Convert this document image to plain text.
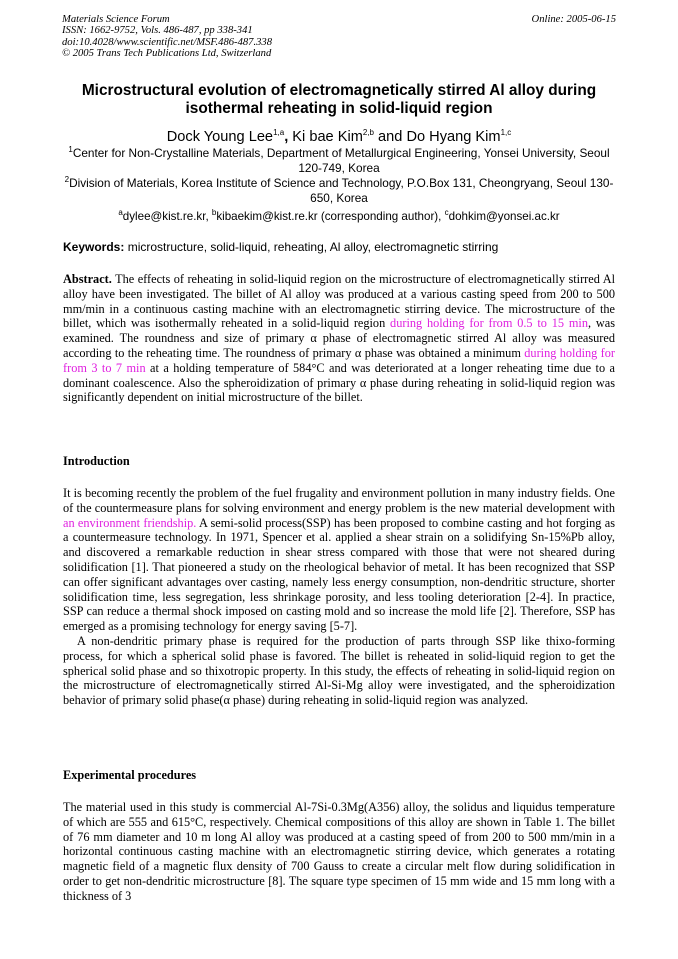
Materials Science Forum
ISSN: 1662-9752, Vols. 486-487, pp 338-341
doi:10.4028/www.scientific.net/MSF.486-487.338
© 2005 Trans Tech Publications Ltd, Switzerland
Online: 2005-06-15
Microstructural evolution of electromagnetically stirred Al alloy during isothermal reheating in solid-liquid region
Dock Young Lee$^{1,a}$, Ki bae Kim$^{2,b}$ and Do Hyang Kim$^{1,c}$
$^1$Center for Non-Crystalline Materials, Department of Metallurgical Engineering, Yonsei University, Seoul 120-749, Korea
$^2$Division of Materials, Korea Institute of Science and Technology, P.O.Box 131, Cheongryang, Seoul 130-650, Korea
$^a$dylee@kist.re.kr, $^b$kibaekim@kist.re.kr (corresponding author), $^c$dohkim@yonsei.ac.kr
Keywords: microstructure, solid-liquid, reheating, Al alloy, electromagnetic stirring

Abstract. The effects of reheating in solid-liquid region on the microstructure of electromagnetically stirred Al alloy have been investigated. The billet of Al alloy was produced at a various casting speed from 200 to 500 mm/min in a continuous casting machine with an electromagnetic stirring device. The microstructure of the billet, which was isothermally reheated in a solid-liquid region during holding for from 0.5 to 15 min, was examined. The roundness and size of primary α phase of electromagnetic stirred Al alloy was measured according to the reheating time. The roundness of primary α phase was obtained a minimum during holding for from 3 to 7 min at a holding temperature of 584°C and was deteriorated at a longer reheating time due to a dominant coalescence. Also the spheroidization of primary α phase during reheating in solid-liquid region was significantly dependent on initial microstructure of the billet.

Introduction

It is becoming recently the problem of the fuel frugality and environment pollution in many industry fields. One of the countermeasure plans for solving environment and energy problem is the new material development with an environment friendship. A semi-solid process(SSP) has been proposed to combine casting and hot forging as a countermeasure technology. In 1971, Spencer et al. applied a shear strain on a solidifying Sn-15%Pb alloy, and discovered a remarkable reduction in shear stress compared with those that were not sheared during solidification [1]. That pioneered a study on the rheological behavior of metal. It has been recognized that SSP can offer significant advantages over casting, namely less energy consumption, non-dendritic structure, shorter solidification time, less segregation, less shrinkage porosity, and less tooling deterioration [2-4]. In practice, SSP can reduce a thermal shock imposed on casting mold and so increase the mold life [2]. Therefore, SSP has emerged as a promising technology for energy saving [5-7].

A non-dendritic primary phase is required for the production of parts through SSP like thixo-forming process, for which a spherical solid phase is favored. The billet is reheated in solid-liquid region to get the spherical solid phase and so thixotropic property. In this study, the effects of reheating in solid-liquid region on the microstructure of electromagnetically stirred Al-Si-Mg alloy were investigated, and the spheroidization behavior of primary solid phase(α phase) during reheating in solid-liquid region was analyzed.

Experimental procedures

The material used in this study is commercial Al-7Si-0.3Mg(A356) alloy, the solidus and liquidus temperature of which are 555 and 615°C, respectively. Chemical compositions of this alloy are shown in Table 1. The billet of 76 mm diameter and 10 m long Al alloy was produced at a casting speed of from 200 to 500 mm/min in a horizontal continuous casting machine with an electromagnetic stirring device, which generates a rotating magnetic field of a magnetic flux density of 700 Gauss to create a circular melt flow during solidification in order to get non-dendritic microstructure [8]. The square type specimen of 15 mm wide and 15 mm long with a thickness of 3
